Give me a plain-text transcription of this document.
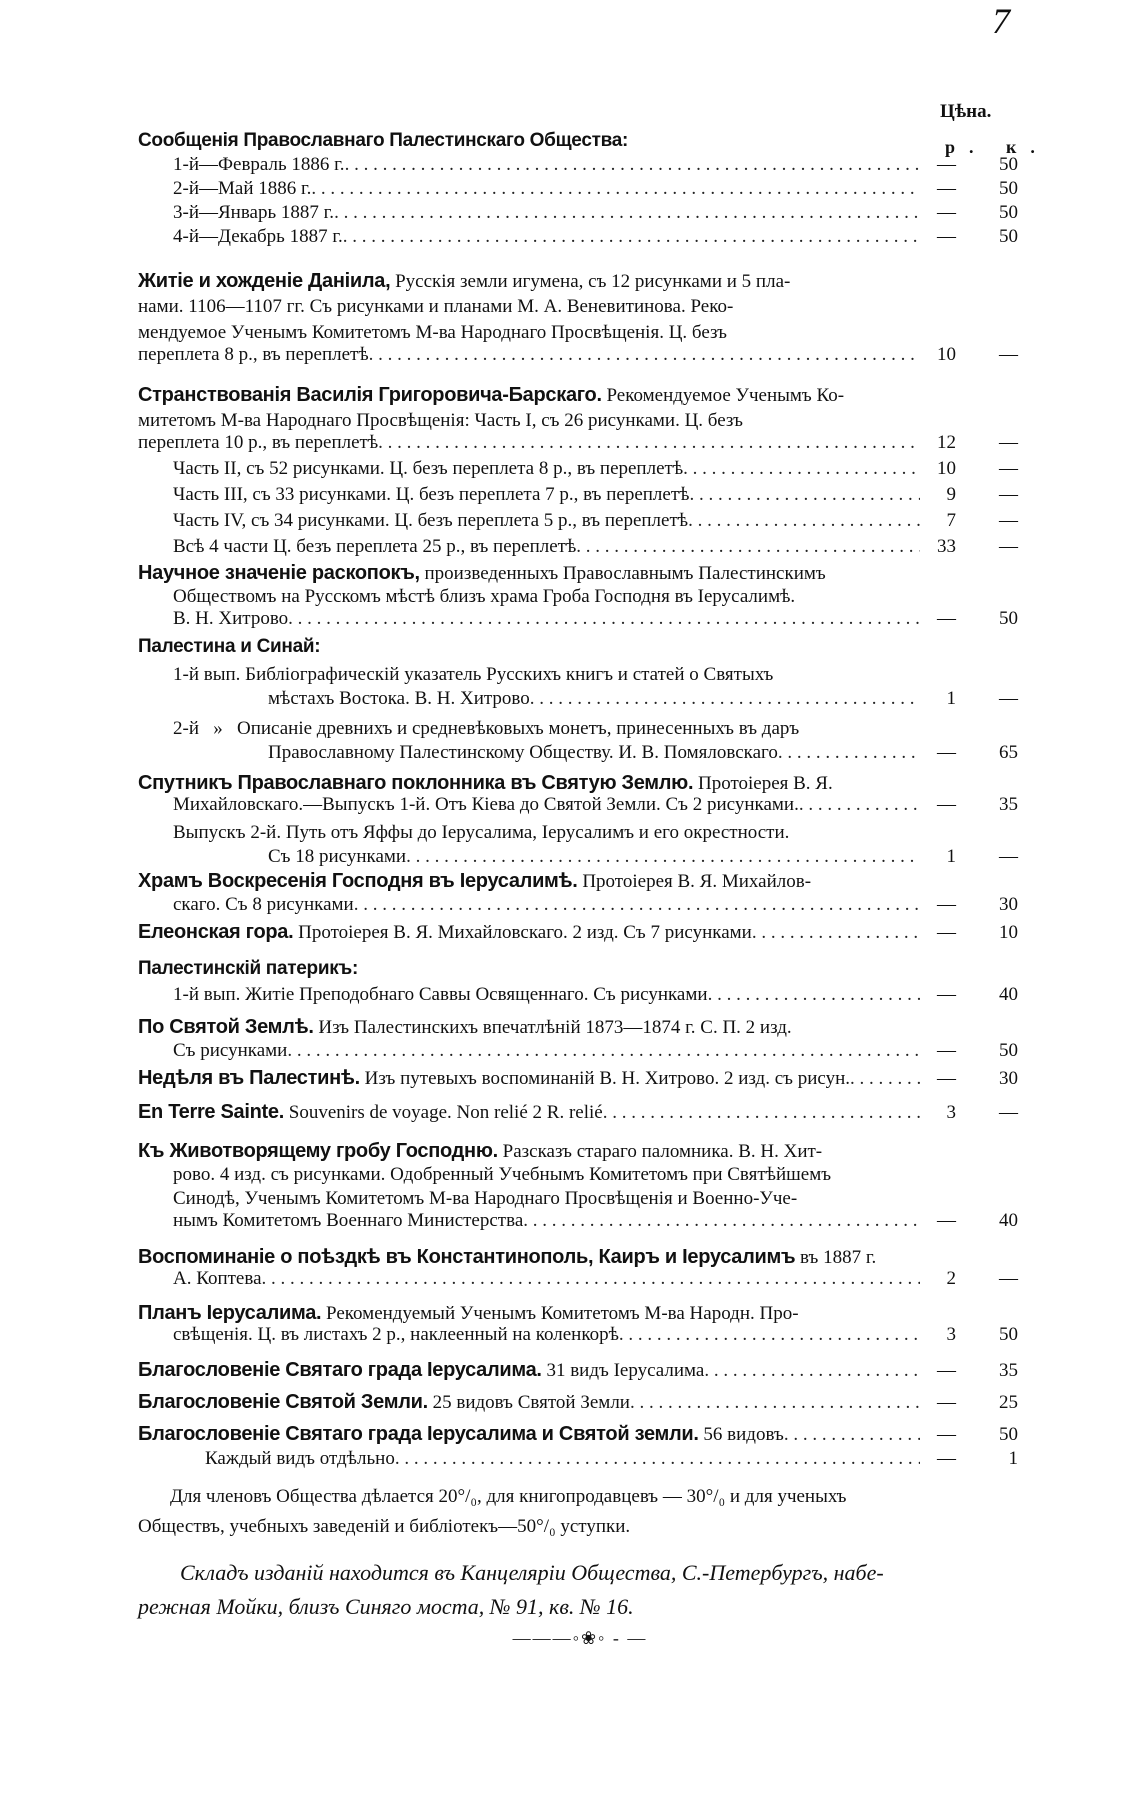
7
Цѣна.
р. к.
Сообщенія Православнаго Палестинскаго Общества:
1-й—Февраль 1886 г. . . .	—	50
2-й—Май 1886 г. . . .	—	50
3-й—Январь 1887 г. . . .	—	50
4-й—Декабрь 1887 г. . . .	—	50
Житіе и хожденіе Даніила, Русскія земли игумена, съ 12 рисунками и 5 пла-
нами. 1106—1107 гг. Съ рисунками и планами М. А. Веневитинова. Реко-
мендуемое Ученымъ Комитетомъ М-ва Народнаго Просвѣщенія. Ц. безъ
переплета 8 р., въ переплетѣ . . .	10	—
Странствованія Василія Григоровича-Барскаго. Рекомендуемое Ученымъ Ко-
митетомъ М-ва Народнаго Просвѣщенія: Часть I, съ 26 рисунками. Ц. безъ
переплета 10 р., въ переплетѣ . . .	12	—
Часть II, съ 52 рисунками. Ц. безъ переплета 8 р., въ переплетѣ . . .	10	—
Часть III, съ 33 рисунками. Ц. безъ переплета 7 р., въ переплетѣ . . .	9	—
Часть IV, съ 34 рисунками. Ц. безъ переплета 5 р., въ переплетѣ . . .	7	—
Всѣ 4 части Ц. безъ переплета 25 р., въ переплетѣ . . .	33	—
Научное значеніе раскопокъ, произведенныхъ Православнымъ Палестинскимъ
Обществомъ на Русскомъ мѣстѣ близъ храма Гроба Господня въ Іерусалимѣ.
В. Н. Хитрово . . .	—	50
Палестина и Синай:
1-й вып. Библіографическій указатель Русскихъ книгъ и статей о Святыхъ
мѣстахъ Востока. В. Н. Хитрово . . .	1	—
2-й » Описаніе древнихъ и средневѣковыхъ монетъ, принесенныхъ въ даръ
Православному Палестинскому Обществу. И. В. Помяловскаго . . .	—	65
Спутникъ Православнаго поклонника въ Святую Землю. Протоіерея В. Я.
Михайловскаго.—Выпускъ 1-й. Отъ Кіева до Святой Земли. Съ 2 рисунками. . . .	—	35
Выпускъ 2-й. Путь отъ Яффы до Іерусалима, Іерусалимъ и его окрестности.
Съ 18 рисунками . . .	1	—
Храмъ Воскресенія Господня въ Іерусалимѣ. Протоіерея В. Я. Михайлов-
скаго. Съ 8 рисунками . . .	—	30
Елеонская гора. Протоіерея В. Я. Михайловскаго. 2 изд. Съ 7 рисунками . . .	—	10
Палестинскій патерикъ:
1-й вып. Житіе Преподобнаго Саввы Освященнаго. Съ рисунками . . .	—	40
По Святой Землѣ. Изъ Палестинскихъ впечатлѣній 1873—1874 г. С. П. 2 изд.
Съ рисунками . . .	—	50
Недѣля въ Палестинѣ. Изъ путевыхъ воспоминаній В. Н. Хитрово. 2 изд. съ рисун. . . .	—	30
En Terre Sainte. Souvenirs de voyage. Non relié 2 R. relié . . .	3	—
Къ Животворящему гробу Господню. Разсказъ стараго паломника. В. Н. Хит-
рово. 4 изд. съ рисунками. Одобренный Учебнымъ Комитетомъ при Святѣйшемъ
Синодѣ, Ученымъ Комитетомъ М-ва Народнаго Просвѣщенія и Военно-Уче-
нымъ Комитетомъ Военнаго Министерства . . .	—	40
Воспоминаніе о поѣздкѣ въ Константинополь, Каиръ и Іерусалимъ въ 1887 г.
А. Коптева . . .	2	—
Планъ Іерусалима. Рекомендуемый Ученымъ Комитетомъ М-ва Народн. Про-
свѣщенія. Ц. въ листахъ 2 р., наклеенный на коленкорѣ . . .	3	50
Благословеніе Святаго града Іерусалима. 31 видъ Іерусалима . . .	—	35
Благословеніе Святой Земли. 25 видовъ Святой Земли . . .	—	25
Благословеніе Святаго града Іерусалима и Святой земли. 56 видовъ . . .	—	50
Каждый видъ отдѣльно . . .	—	1
Для членовъ Общества дѣлается 20°/₀, для книгопродавцевъ — 30°/₀ и для ученыхъ
Обществъ, учебныхъ заведеній и библіотекъ—50°/₀ уступки.
Складъ изданій находится въ Канцеляріи Общества, С.-Петербургъ, набе-
режная Мойки, близъ Синяго моста, № 91, кв. № 16.
———◦❀◦ - —
